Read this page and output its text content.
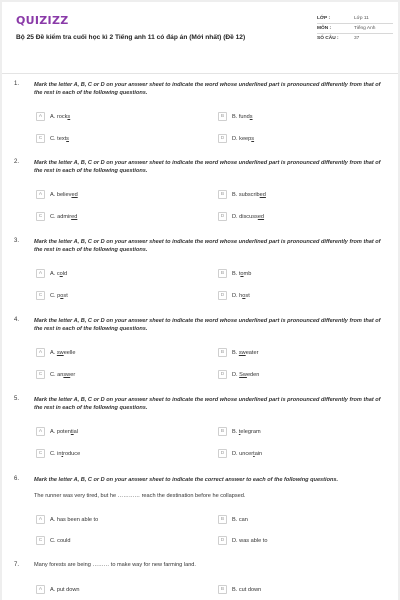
QUIZIZZ
Bộ 25 Đề kiểm tra cuối học kì 2 Tiếng anh 11 có đáp án (Mới nhất) (Đề 12)
LỚP :	Lớp 11
MÔN :	Tiếng Anh
SỐ CÂU :	37
1.	Mark the letter A, B, C or D on your answer sheet to indicate the word whose underlined part is pronounced differently from that of the rest in each of the following questions.
A	A. rocks	B	B. funds
C	C. texts	D	D. keeps
2.	Mark the letter A, B, C or D on your answer sheet to indicate the word whose underlined part is pronounced differently from that of the rest in each of the following questions.
A	A. believed	B	B. subscribed
C	C. admired	D	D. discussed
3.	Mark the letter A, B, C or D on your answer sheet to indicate the word whose underlined part is pronounced differently from that of the rest in each of the following questions.
A	A. cold	B	B. tomb
C	C. post	D	D. host
4.	Mark the letter A, B, C or D on your answer sheet to indicate the word whose underlined part is pronounced differently from that of the rest in each of the following questions.
A	A. sweelle	B	B. sweater
C	C. answer	D	D. Sweden
5.	Mark the letter A, B, C or D on your answer sheet to indicate the word whose underlined part is pronounced differently from that of the rest in each of the following questions.
A	A. potential	B	B. telegram
C	C. introduce	D	D. uncertain
6.	Mark the letter A, B, C or D on your answer sheet to indicate the correct answer to each of the following questions.
The runner was very tired, but he ………… reach the destination before he collapsed.
A	A. has been able to	B	B. can
C	C. could	D	D. was able to
7.	Many forests are being ……… to make way for new farming land.
A	A. put down	B	B. cut down
